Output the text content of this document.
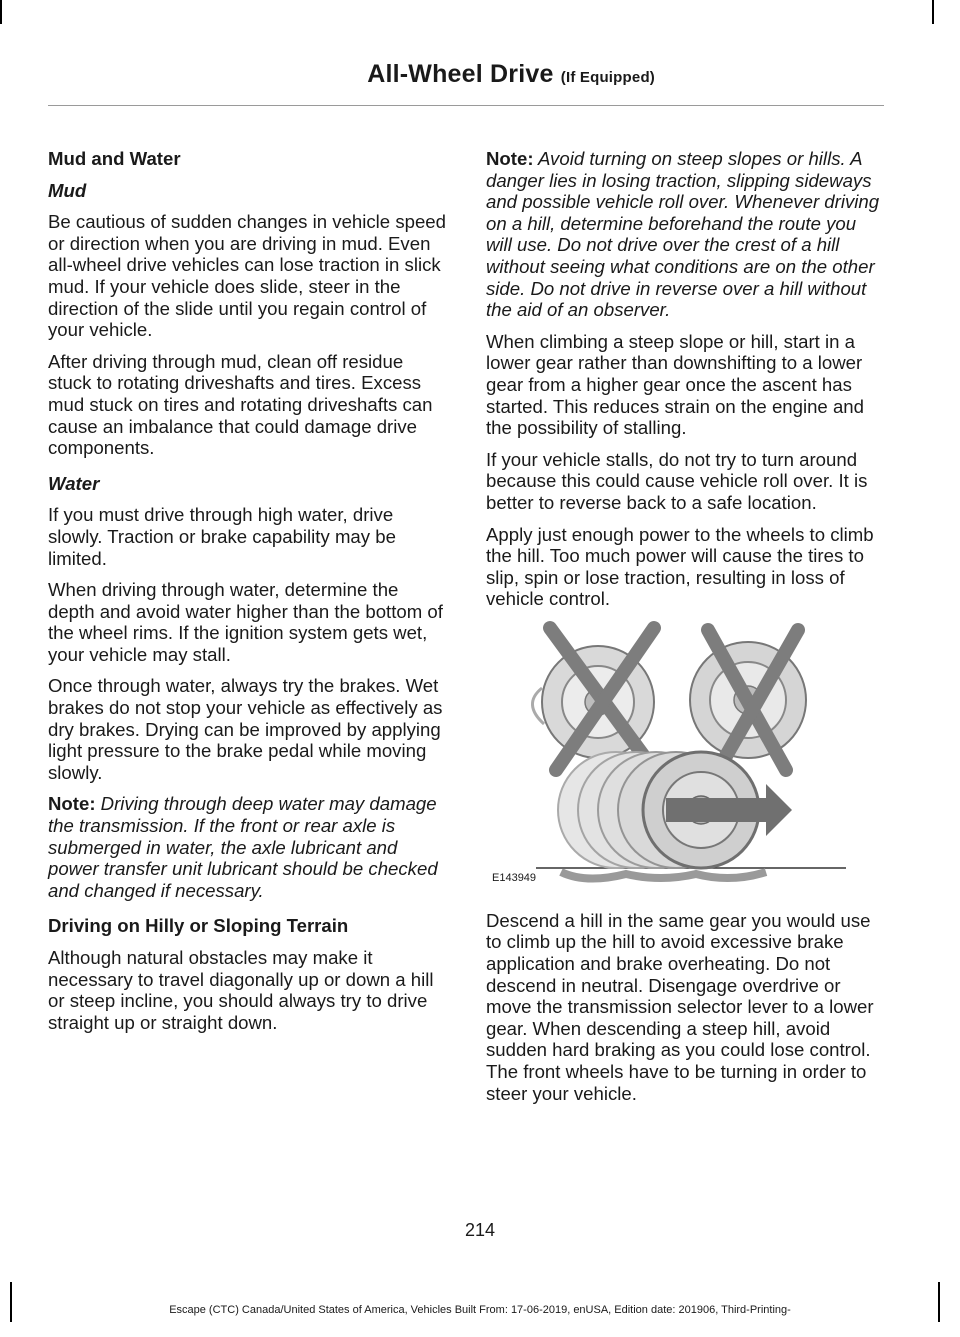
All-Wheel Drive (If Equipped)

Mud and Water

Mud

Be cautious of sudden changes in vehicle speed or direction when you are driving in mud. Even all-wheel drive vehicles can lose traction in slick mud. If your vehicle does slide, steer in the direction of the slide until you regain control of your vehicle.

After driving through mud, clean off residue stuck to rotating driveshafts and tires. Excess mud stuck on tires and rotating driveshafts can cause an imbalance that could damage drive components.

Water

If you must drive through high water, drive slowly. Traction or brake capability may be limited.

When driving through water, determine the depth and avoid water higher than the bottom of the wheel rims. If the ignition system gets wet, your vehicle may stall.

Once through water, always try the brakes. Wet brakes do not stop your vehicle as effectively as dry brakes. Drying can be improved by applying light pressure to the brake pedal while moving slowly.

Note: Driving through deep water may damage the transmission. If the front or rear axle is submerged in water, the axle lubricant and power transfer unit lubricant should be checked and changed if necessary.

Driving on Hilly or Sloping Terrain

Although natural obstacles may make it necessary to travel diagonally up or down a hill or steep incline, you should always try to drive straight up or straight down.

Note: Avoid turning on steep slopes or hills. A danger lies in losing traction, slipping sideways and possible vehicle roll over. Whenever driving on a hill, determine beforehand the route you will use. Do not drive over the crest of a hill without seeing what conditions are on the other side. Do not drive in reverse over a hill without the aid of an observer.

When climbing a steep slope or hill, start in a lower gear rather than downshifting to a lower gear from a higher gear once the ascent has started. This reduces strain on the engine and the possibility of stalling.

If your vehicle stalls, do not try to turn around because this could cause vehicle roll over. It is better to reverse back to a safe location.

Apply just enough power to the wheels to climb the hill. Too much power will cause the tires to slip, spin or lose traction, resulting in loss of vehicle control.

E143949

Descend a hill in the same gear you would use to climb up the hill to avoid excessive brake application and brake overheating. Do not descend in neutral. Disengage overdrive or move the transmission selector lever to a lower gear. When descending a steep hill, avoid sudden hard braking as you could lose control. The front wheels have to be turning in order to steer your vehicle.

214
Escape (CTC) Canada/United States of America, Vehicles Built From: 17-06-2019, enUSA, Edition date: 201906, Third-Printing-
